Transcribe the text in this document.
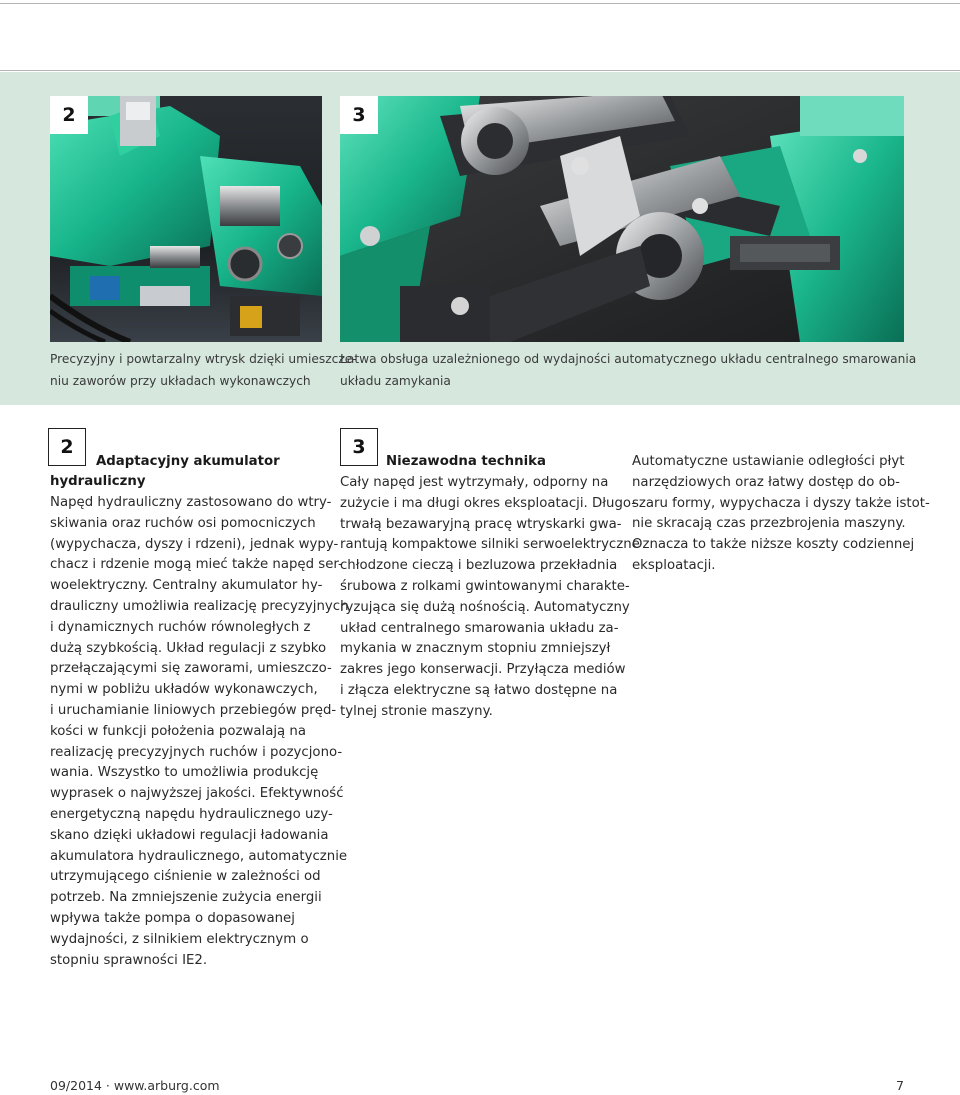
2	3
Precyzyjny i powtarzalny wtrysk dzięki umieszcze-
niu zaworów przy układach wykonawczych
Łatwa obsługa uzależnionego od wydajności automatycznego układu centralnego smarowania
układu zamykania
2
Adaptacyjny akumulator
hydrauliczny
Napęd hydrauliczny zastosowano do wtry-
skiwania oraz ruchów osi pomocniczych
(wypychacza, dyszy i rdzeni), jednak wypy-
chacz i rdzenie mogą mieć także napęd ser-
woelektryczny. Centralny akumulator hy-
drauliczny umożliwia realizację precyzyjnych
i dynamicznych ruchów równoległych z
dużą szybkością. Układ regulacji z szybko
przełączającymi się zaworami, umieszczo-
nymi w pobliżu układów wykonawczych,
i uruchamianie liniowych przebiegów pręd-
kości w funkcji położenia pozwalają na
realizację precyzyjnych ruchów i pozycjono-
wania. Wszystko to umożliwia produkcję
wyprasek o najwyższej jakości. Efektywność
energetyczną napędu hydraulicznego uzy-
skano dzięki układowi regulacji ładowania
akumulatora hydraulicznego, automatycznie
utrzymującego ciśnienie w zależności od
potrzeb. Na zmniejszenie zużycia energii
wpływa także pompa o dopasowanej
wydajności, z silnikiem elektrycznym o
stopniu sprawności IE2.
3
Niezawodna technika
Cały napęd jest wytrzymały, odporny na
zużycie i ma długi okres eksploatacji. Długo-
trwałą bezawaryjną pracę wtryskarki gwa-
rantują kompaktowe silniki serwoelektryczne
chłodzone cieczą i bezluzowa przekładnia
śrubowa z rolkami gwintowanymi charakte-
ryzująca się dużą nośnością. Automatyczny
układ centralnego smarowania układu za-
mykania w znacznym stopniu zmniejszył
zakres jego konserwacji. Przyłącza mediów
i złącza elektryczne są łatwo dostępne na
tylnej stronie maszyny.
Automatyczne ustawianie odległości płyt
narzędziowych oraz łatwy dostęp do ob-
szaru formy, wypychacza i dyszy także istot-
nie skracają czas przezbrojenia maszyny.
Oznacza to także niższe koszty codziennej
eksploatacji.
09/2014 · www.arburg.com	7
